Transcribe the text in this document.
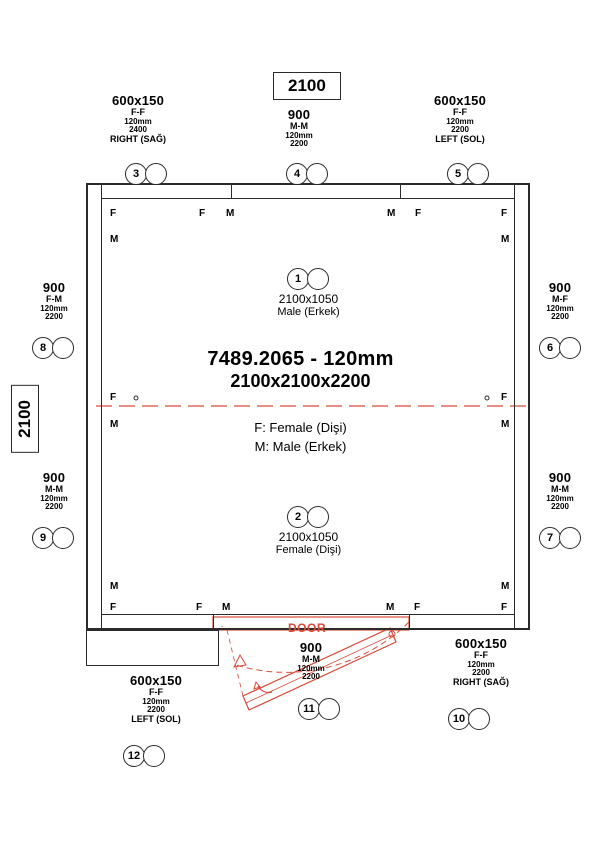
2100
2100
600x150
F-F
120mm
2400
RIGHT (SAĞ)
3
900
M-M
120mm
2200
4
600x150
F-F
120mm
2200
LEFT (SOL)
5
900
F-M
120mm
2200
8
900
M-M
120mm
2200
9
900
M-F
120mm
2200
6
900
M-M
120mm
2200
7
600x150
F-F
120mm
2200
LEFT (SOL)
12
900
M-M
120mm
2200
11
600x150
F-F
120mm
2200
RIGHT (SAĞ)
10
F	F M	M F	F
M
F
M
M
M
F
M
M
F	F M	M F	F
1
2100x1050
Male (Erkek)
7489.2065 - 120mm
2100x2100x2200
F: Female (Dişi)
M: Male (Erkek)
2
2100x1050
Female (Dişi)
DOOR
